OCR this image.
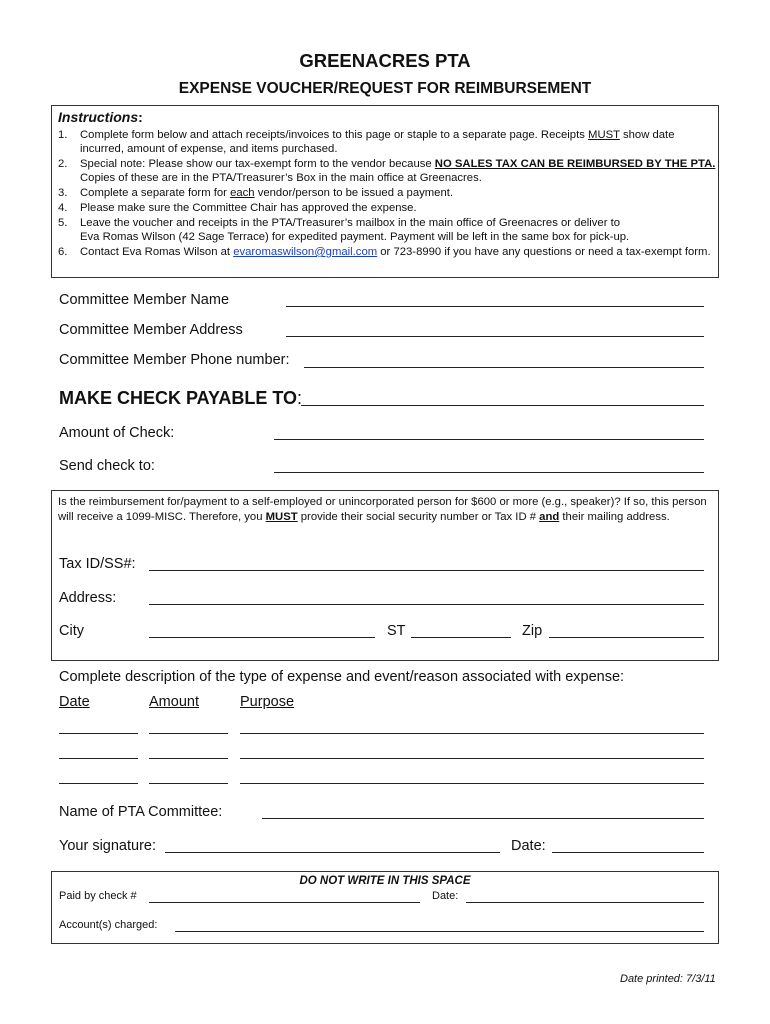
GREENACRES PTA
EXPENSE VOUCHER/REQUEST FOR REIMBURSEMENT
Instructions:
1. Complete form below and attach receipts/invoices to this page or staple to a separate page. Receipts MUST show date incurred, amount of expense, and items purchased.
2. Special note: Please show our tax-exempt form to the vendor because NO SALES TAX CAN BE REIMBURSED BY THE PTA. Copies of these are in the PTA/Treasurer’s Box in the main office at Greenacres.
3. Complete a separate form for each vendor/person to be issued a payment.
4. Please make sure the Committee Chair has approved the expense.
5. Leave the voucher and receipts in the PTA/Treasurer’s mailbox in the main office of Greenacres or deliver to
Eva Romas Wilson (42 Sage Terrace) for expedited payment. Payment will be left in the same box for pick-up.
6. Contact Eva Romas Wilson at evaromaswilson@gmail.com or 723-8990 if you have any questions or need a tax-exempt form.
Committee Member Name
Committee Member Address
Committee Member Phone number:
MAKE CHECK PAYABLE TO:
Amount of Check:
Send check to:
Is the reimbursement for/payment to a self-employed or unincorporated person for $600 or more (e.g., speaker)? If so, this person will receive a 1099-MISC. Therefore, you MUST provide their social security number or Tax ID # and their mailing address.
Tax ID/SS#:
Address:
City	ST	Zip
Complete description of the type of expense and event/reason associated with expense:
Date	Amount	Purpose
Name of PTA Committee:
Your signature:	Date:
DO NOT WRITE IN THIS SPACE
Paid by check #	Date:
Account(s) charged:
Date printed: 7/3/11
